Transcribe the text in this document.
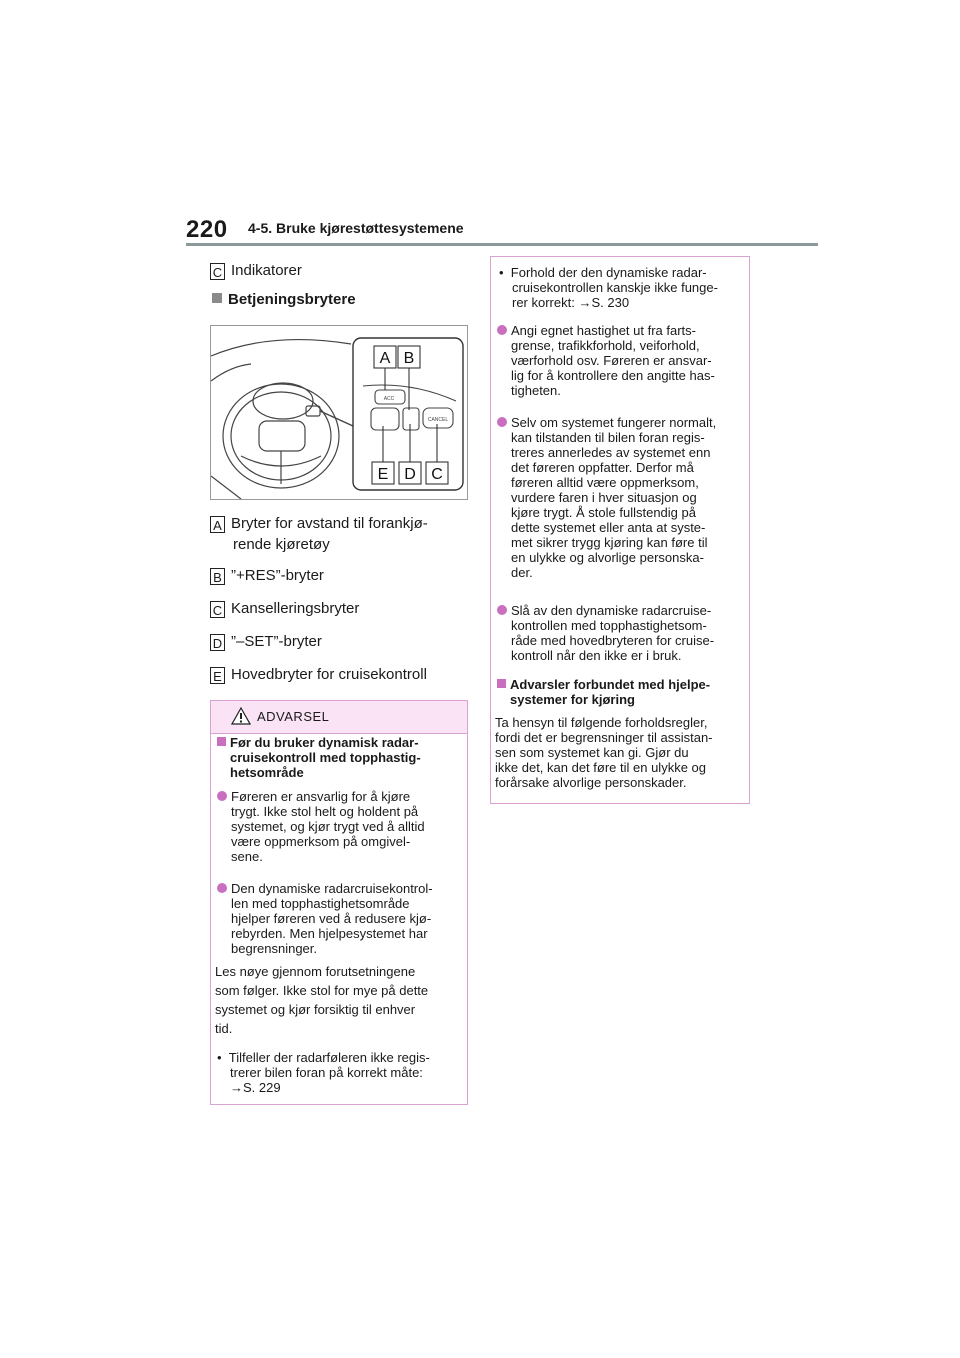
220 4-5. Bruke kjørestøttesystemene
C Indikatorer
Betjeningsbrytere
ACC
CANCEL
A B
E D C
A Bryter for avstand til forankjø-
rende kjøretøy
B ”+RES”-bryter
C Kanselleringsbryter
D ”–SET”-bryter
E Hovedbryter for cruisekontroll
ADVARSEL
Før du bruker dynamisk radar-
cruisekontroll med topphastig-
hetsområde
Føreren er ansvarlig for å kjøre
trygt. Ikke stol helt og holdent på
systemet, og kjør trygt ved å alltid
være oppmerksom på omgivel-
sene.
Den dynamiske radarcruisekontrol-
len med topphastighetsområde
hjelper føreren ved å redusere kjø-
rebyrden. Men hjelpesystemet har
begrensninger.
Les nøye gjennom forutsetningene
som følger. Ikke stol for mye på dette
systemet og kjør forsiktig til enhver
tid.
•  Tilfeller der radarføleren ikke regis-
trerer bilen foran på korrekt måte:
→S. 229
•  Forhold der den dynamiske radar-
cruisekontrollen kanskje ikke funge-
rer korrekt: →S. 230
Angi egnet hastighet ut fra farts-
grense, trafikkforhold, veiforhold,
værforhold osv. Føreren er ansvar-
lig for å kontrollere den angitte has-
tigheten.
Selv om systemet fungerer normalt,
kan tilstanden til bilen foran regis-
treres annerledes av systemet enn
det føreren oppfatter. Derfor må
føreren alltid være oppmerksom,
vurdere faren i hver situasjon og
kjøre trygt. Å stole fullstendig på
dette systemet eller anta at syste-
met sikrer trygg kjøring kan føre til
en ulykke og alvorlige personska-
der.
Slå av den dynamiske radarcruise-
kontrollen med topphastighetsom-
råde med hovedbryteren for cruise-
kontroll når den ikke er i bruk.
Advarsler forbundet med hjelpe-
systemer for kjøring
Ta hensyn til følgende forholdsregler,
fordi det er begrensninger til assistan-
sen som systemet kan gi. Gjør du
ikke det, kan det føre til en ulykke og
forårsake alvorlige personskader.
